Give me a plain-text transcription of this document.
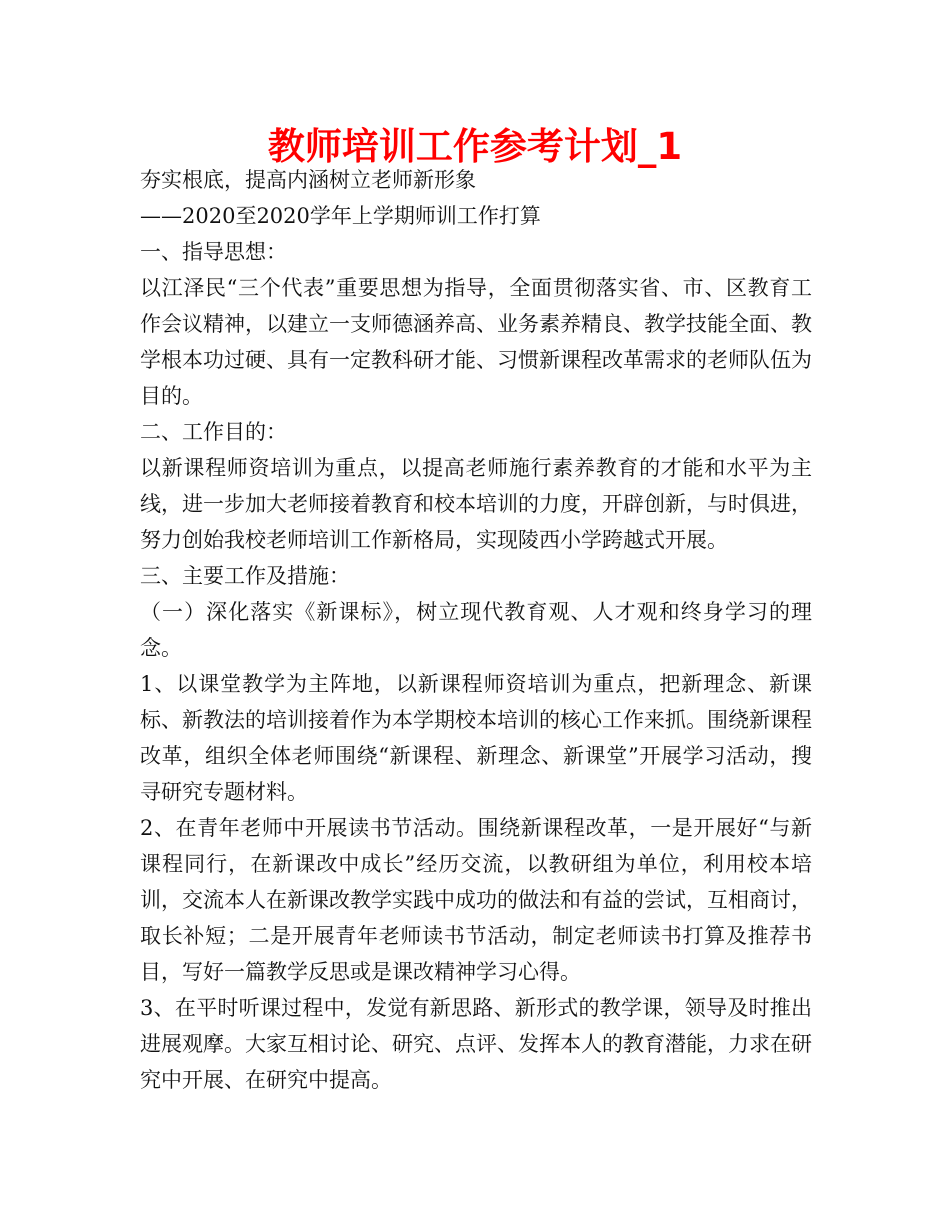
教师培训工作参考计划_1

夯实根底，提高内涵树立老师新形象

——2020至2020学年上学期师训工作打算

一、指导思想：

以江泽民“三个代表”重要思想为指导，全面贯彻落实省、市、区教育工作会议精神，以建立一支师德涵养高、业务素养精良、教学技能全面、教学根本功过硬、具有一定教科研才能、习惯新课程改革需求的老师队伍为目的。

二、工作目的：

以新课程师资培训为重点，以提高老师施行素养教育的才能和水平为主线，进一步加大老师接着教育和校本培训的力度，开辟创新，与时俱进，努力创始我校老师培训工作新格局，实现陵西小学跨越式开展。

三、主要工作及措施：

（一）深化落实《新课标》，树立现代教育观、人才观和终身学习的理念。

1、以课堂教学为主阵地，以新课程师资培训为重点，把新理念、新课标、新教法的培训接着作为本学期校本培训的核心工作来抓。围绕新课程改革，组织全体老师围绕“新课程、新理念、新课堂”开展学习活动，搜寻研究专题材料。

2、在青年老师中开展读书节活动。围绕新课程改革，一是开展好“与新课程同行，在新课改中成长”经历交流，以教研组为单位，利用校本培训，交流本人在新课改教学实践中成功的做法和有益的尝试，互相商讨，取长补短；二是开展青年老师读书节活动，制定老师读书打算及推荐书目，写好一篇教学反思或是课改精神学习心得。

3、在平时听课过程中，发觉有新思路、新形式的教学课，领导及时推出进展观摩。大家互相讨论、研究、点评、发挥本人的教育潜能，力求在研究中开展、在研究中提高。
